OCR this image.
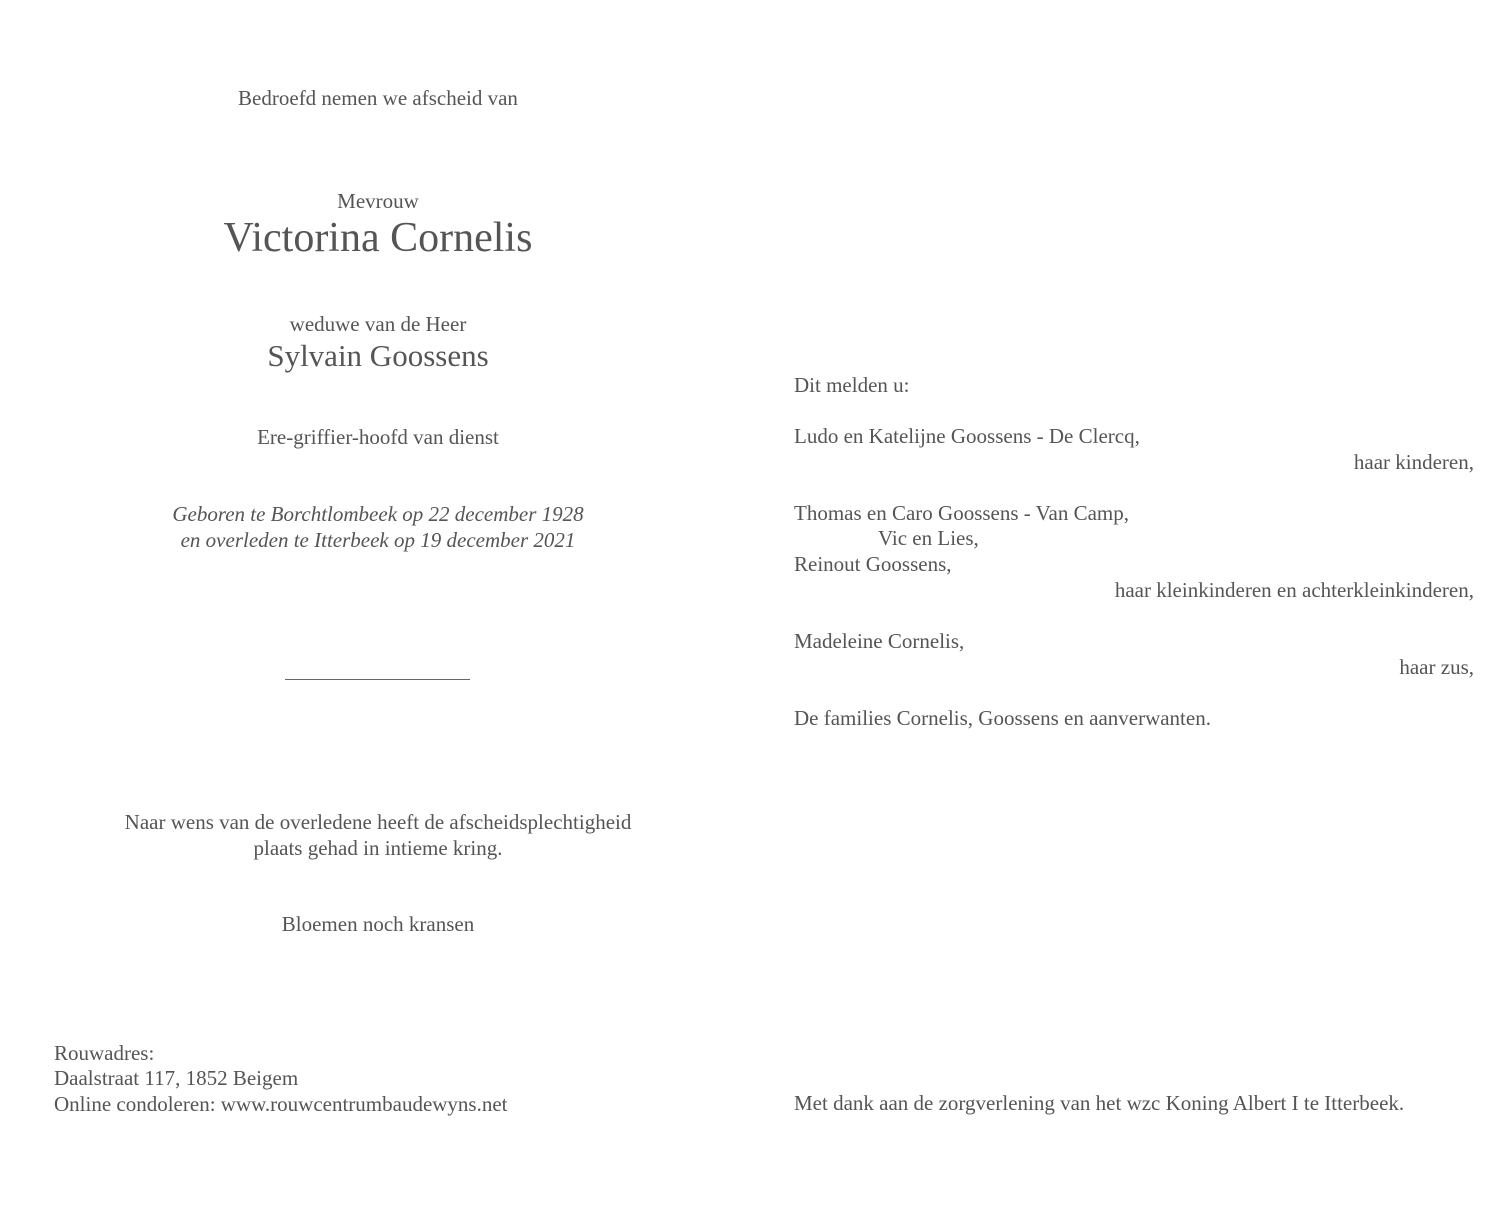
Bedroefd nemen we afscheid van
Mevrouw
Victorina Cornelis
weduwe van de Heer
Sylvain Goossens
Ere-griffier-hoofd van dienst
Geboren te Borchtlombeek op 22 december 1928
en overleden te Itterbeek op 19 december 2021
Naar wens van de overledene heeft de afscheidsplechtigheid
plaats gehad in intieme kring.
Bloemen noch kransen
Rouwadres:
Daalstraat 117, 1852 Beigem
Online condoleren: www.rouwcentrumbaudewyns.net
Dit melden u:
Ludo en Katelijne Goossens - De Clercq,
haar kinderen,
Thomas en Caro Goossens - Van Camp,
Vic en Lies,
Reinout Goossens,
haar kleinkinderen en achterkleinkinderen,
Madeleine Cornelis,
haar zus,
De families Cornelis, Goossens en aanverwanten.
Met dank aan de zorgverlening van het wzc Koning Albert I te Itterbeek.
